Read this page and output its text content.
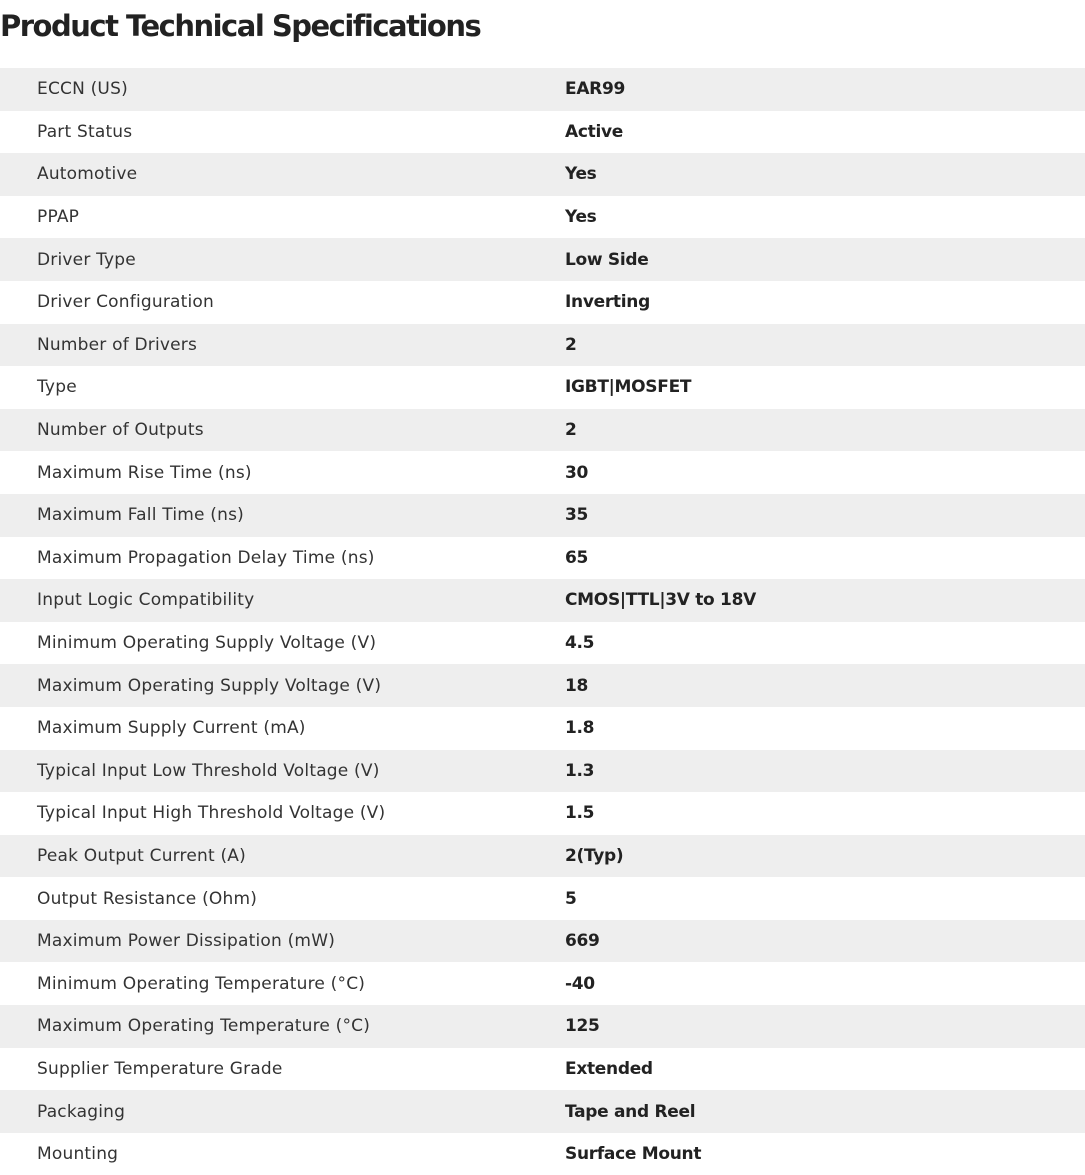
Product Technical Specifications
ECCN (US)	EAR99
Part Status	Active
Automotive	Yes
PPAP	Yes
Driver Type	Low Side
Driver Configuration	Inverting
Number of Drivers	2
Type	IGBT|MOSFET
Number of Outputs	2
Maximum Rise Time (ns)	30
Maximum Fall Time (ns)	35
Maximum Propagation Delay Time (ns)	65
Input Logic Compatibility	CMOS|TTL|3V to 18V
Minimum Operating Supply Voltage (V)	4.5
Maximum Operating Supply Voltage (V)	18
Maximum Supply Current (mA)	1.8
Typical Input Low Threshold Voltage (V)	1.3
Typical Input High Threshold Voltage (V)	1.5
Peak Output Current (A)	2(Typ)
Output Resistance (Ohm)	5
Maximum Power Dissipation (mW)	669
Minimum Operating Temperature (°C)	-40
Maximum Operating Temperature (°C)	125
Supplier Temperature Grade	Extended
Packaging	Tape and Reel
Mounting	Surface Mount
